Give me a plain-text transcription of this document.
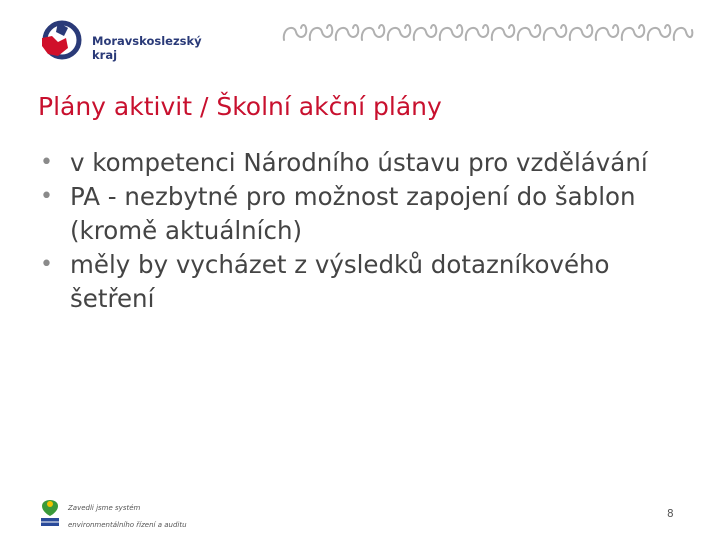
Moravskoslezský
kraj
Plány aktivit / Školní akční plány
• v kompetenci Národního ústavu pro vzdělávání
• PA - nezbytné pro možnost zapojení do šablon (kromě aktuálních)
• měly by vycházet z výsledků dotazníkového šetření
Zavedli jsme systém
environmentálního řízení a auditu
8
